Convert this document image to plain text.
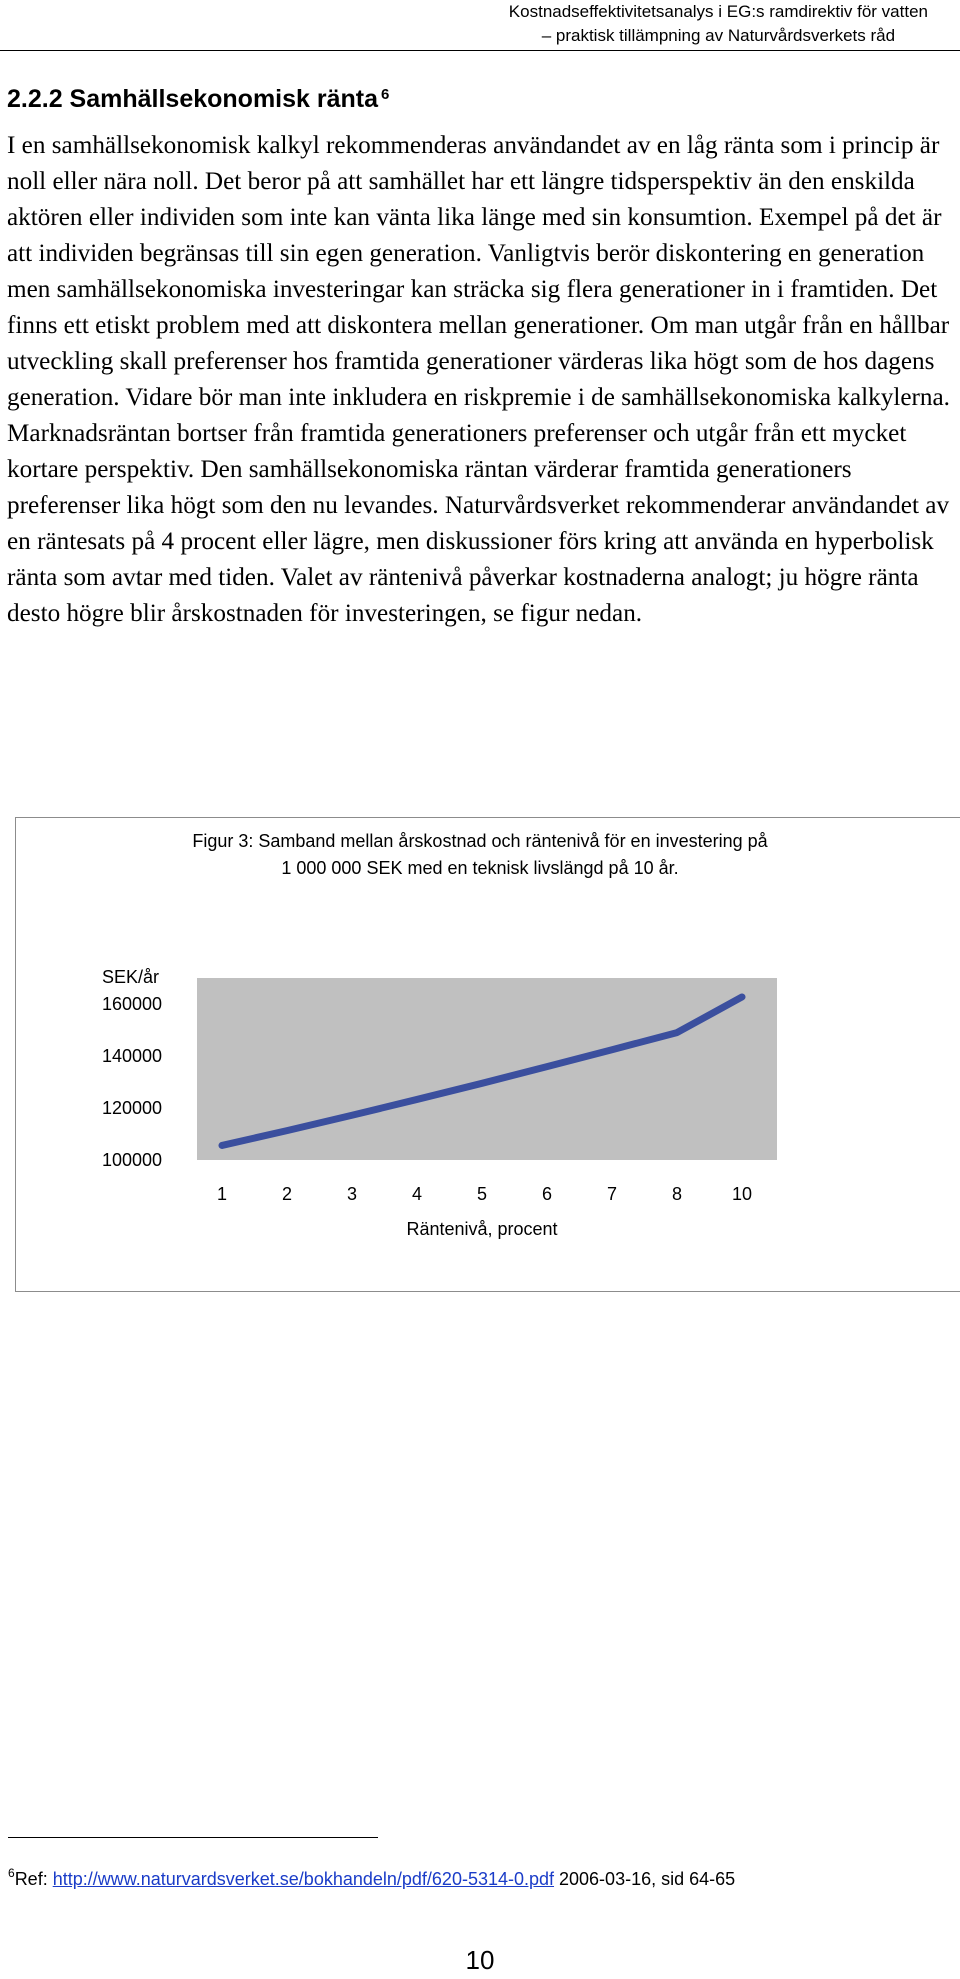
Kostnadseffektivitetsanalys i EG:s ramdirektiv för vatten
– praktisk tillämpning av Naturvårdsverkets råd
2.2.2 Samhällsekonomisk ränta $^6$

I en samhällsekonomisk kalkyl rekommenderas användandet av en låg ränta som i princip är noll eller nära noll. Det beror på att samhället har ett längre tidsperspektiv än den enskilda aktören eller individen som inte kan vänta lika länge med sin konsumtion. Exempel på det är att individen begränsas till sin egen generation. Vanligtvis berör diskontering en generation men samhällsekonomiska investeringar kan sträcka sig flera generationer in i framtiden. Det finns ett etiskt problem med att diskontera mellan generationer. Om man utgår från en hållbar utveckling skall preferenser hos framtida generationer värderas lika högt som de hos dagens generation. Vidare bör man inte inkludera en riskpremie i de samhällsekonomiska kalkylerna. Marknadsräntan bortser från framtida generationers preferenser och utgår från ett mycket kortare perspektiv. Den samhällsekonomiska räntan värderar framtida generationers preferenser lika högt som den nu levandes. Naturvårdsverket rekommenderar användandet av en räntesats på 4 procent eller lägre, men diskussioner förs kring att använda en hyperbolisk ränta som avtar med tiden. Valet av räntenivå påverkar kostnaderna analogt; ju högre ränta desto högre blir årskostnaden för investeringen, se figur nedan.

Figur 3: Samband mellan årskostnad och räntenivå för en investering på
1 000 000 SEK med en teknisk livslängd på 10 år.
100000
120000
140000
160000
1	2	3	4	5	6	7	8	10
SEK/år
Räntenivå, procent
$^6$Ref: http://www.naturvardsverket.se/bokhandeln/pdf/620-5314-0.pdf 2006-03-16, sid 64-65
10
